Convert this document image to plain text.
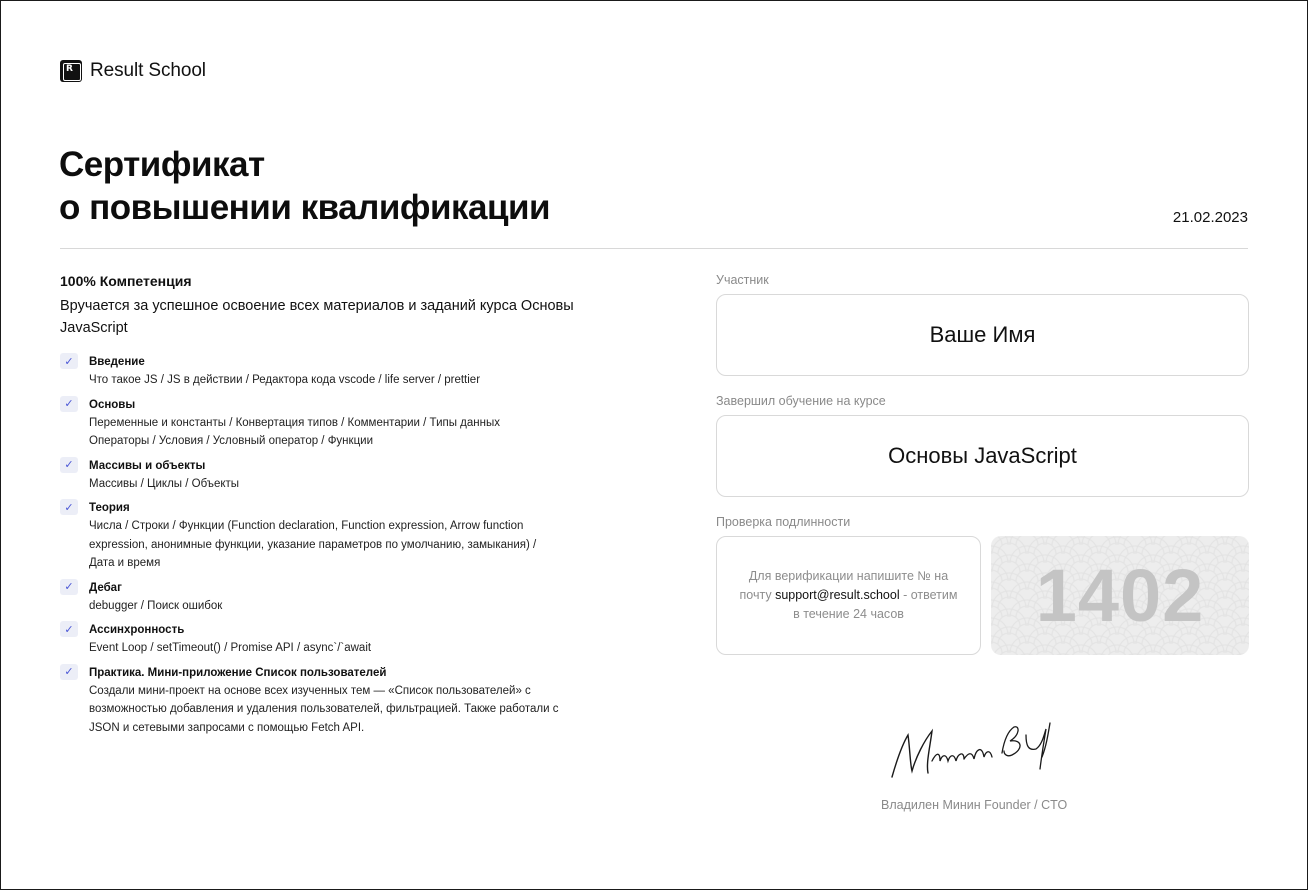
R Result School
Сертификат
о повышении квалификации	21.02.2023
100% Компетенция
Вручается за успешное освоение всех материалов и заданий курса Основы JavaScript
✓	Введение
Что такое JS / JS в действии / Редактора кода vscode / life server / prettier
✓	Основы
Переменные и константы / Конвертация типов / Комментарии / Типы данных Операторы / Условия / Условный оператор / Функции
✓	Массивы и объекты
Массивы / Циклы / Объекты
✓	Теория
Числа / Строки / Функции (Function declaration, Function expression, Arrow function expression, анонимные функции, указание параметров по умолчанию, замыкания) / Дата и время
✓	Дебаг
debugger / Поиск ошибок
✓	Ассинхронность
Event Loop / setTimeout() / Promise API / async`/`await
✓	Практика. Мини-приложение Список пользователей
Создали мини-проект на основе всех изученных тем — «Список пользователей» с возможностью добавления и удаления пользователей, фильтрацией. Также работали с JSON и сетевыми запросами с помощью Fetch API.
Участник
Ваше Имя
Завершил обучение на курсе
Основы JavaScript
Проверка подлинности
Для верификации напишите № на почту support@result.school - ответим в течение 24 часов	1402
Владилен Минин Founder / CTO
